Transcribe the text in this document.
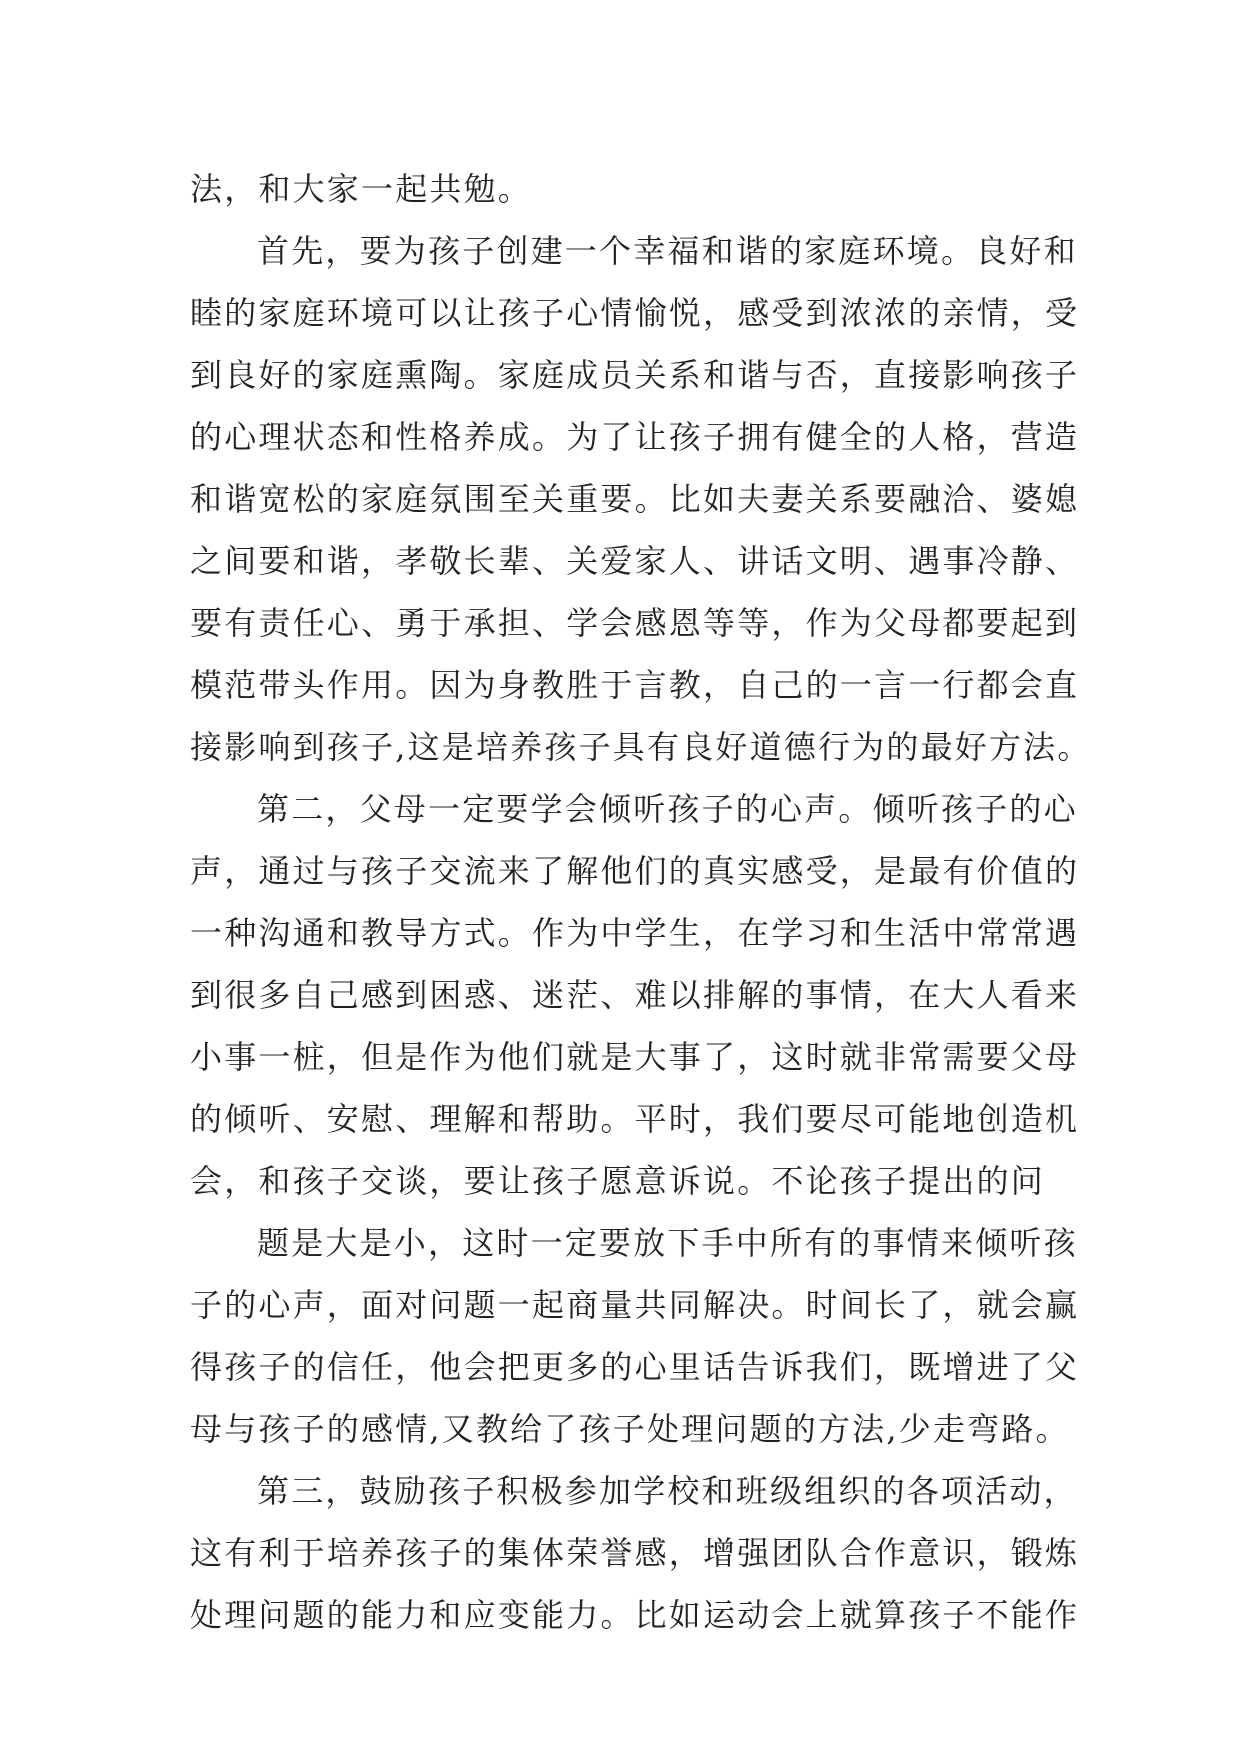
法，和大家一起共勉。
首先，要为孩子创建一个幸福和谐的家庭环境。良好和
睦的家庭环境可以让孩子心情愉悦，感受到浓浓的亲情，受
到良好的家庭熏陶。家庭成员关系和谐与否，直接影响孩子
的心理状态和性格养成。为了让孩子拥有健全的人格，营造
和谐宽松的家庭氛围至关重要。比如夫妻关系要融洽、婆媳
之间要和谐，孝敬长辈、关爱家人、讲话文明、遇事冷静、
要有责任心、勇于承担、学会感恩等等，作为父母都要起到
模范带头作用。因为身教胜于言教，自己的一言一行都会直
接影响到孩子,这是培养孩子具有良好道德行为的最好方法。
第二，父母一定要学会倾听孩子的心声。倾听孩子的心
声，通过与孩子交流来了解他们的真实感受，是最有价值的
一种沟通和教导方式。作为中学生，在学习和生活中常常遇
到很多自己感到困惑、迷茫、难以排解的事情，在大人看来
小事一桩，但是作为他们就是大事了，这时就非常需要父母
的倾听、安慰、理解和帮助。平时，我们要尽可能地创造机
会，和孩子交谈，要让孩子愿意诉说。不论孩子提出的问
题是大是小，这时一定要放下手中所有的事情来倾听孩
子的心声，面对问题一起商量共同解决。时间长了，就会赢
得孩子的信任，他会把更多的心里话告诉我们，既增进了父
母与孩子的感情,又教给了孩子处理问题的方法,少走弯路。
第三，鼓励孩子积极参加学校和班级组织的各项活动，
这有利于培养孩子的集体荣誉感，增强团队合作意识，锻炼
处理问题的能力和应变能力。比如运动会上就算孩子不能作
